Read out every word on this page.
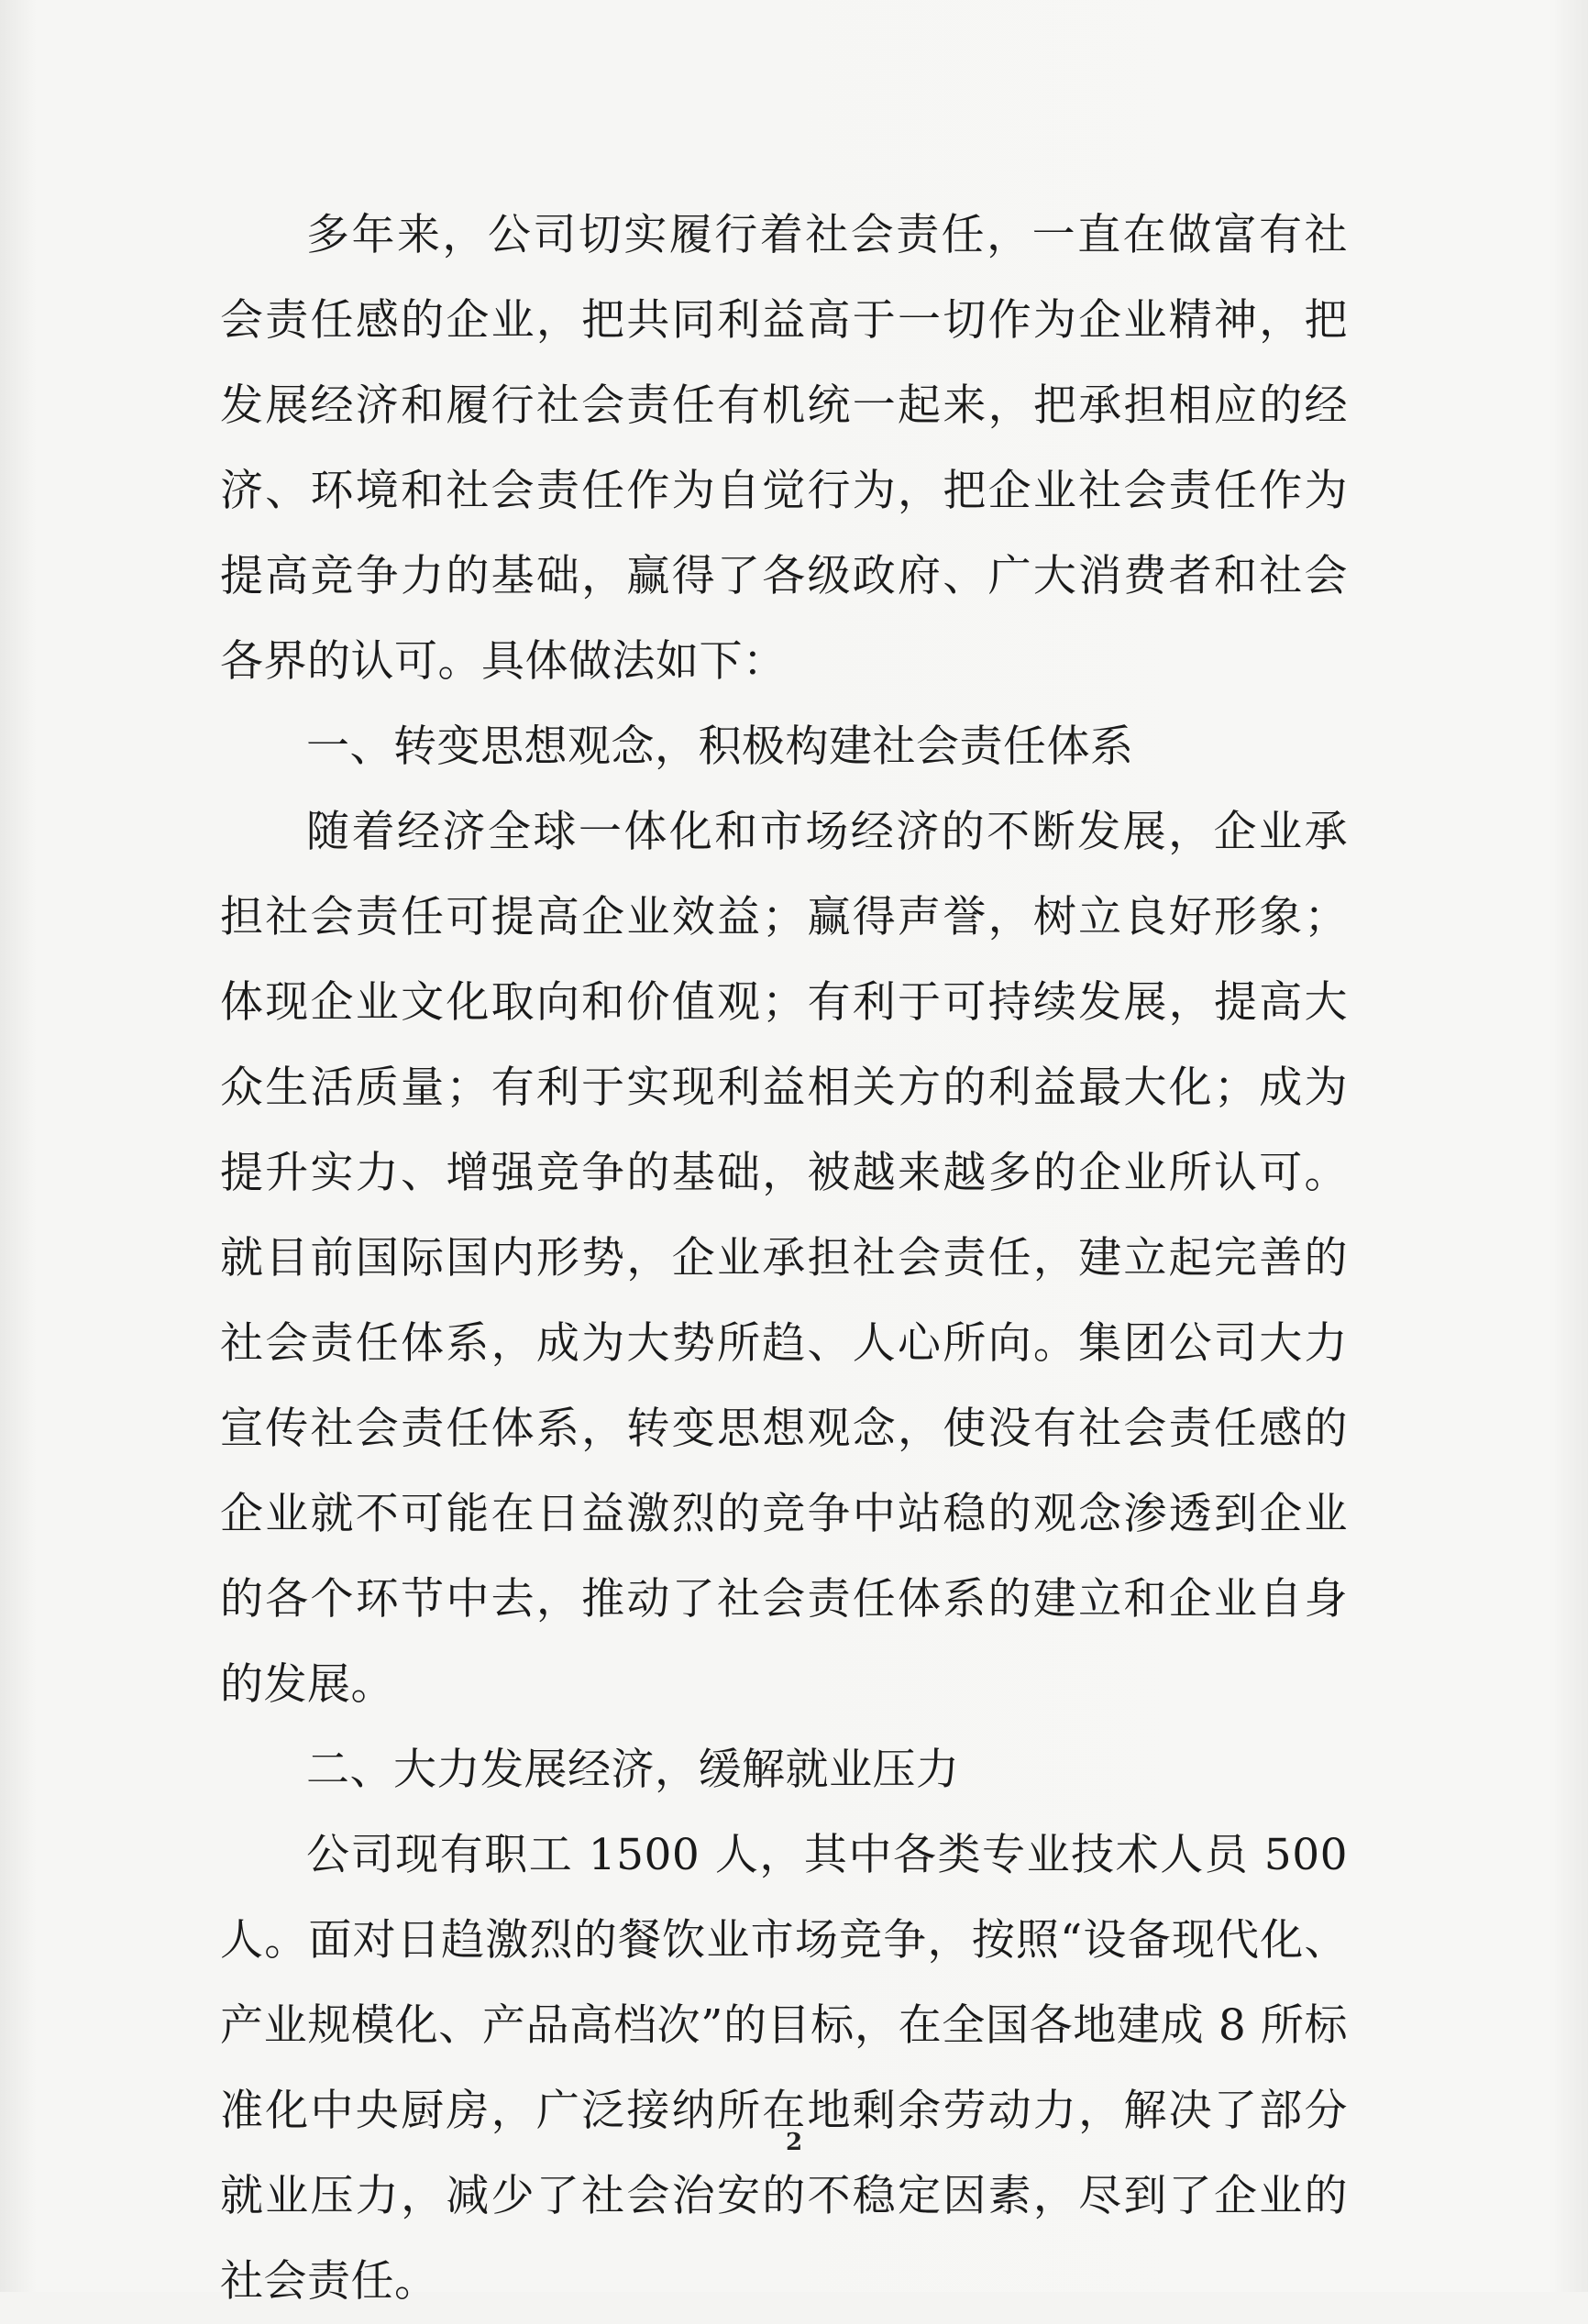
多年来，公司切实履行着社会责任，一直在做富有社会责任感的企业，把共同利益高于一切作为企业精神，把发展经济和履行社会责任有机统一起来，把承担相应的经济、环境和社会责任作为自觉行为，把企业社会责任作为提高竞争力的基础，赢得了各级政府、广大消费者和社会各界的认可。具体做法如下：

一、转变思想观念，积极构建社会责任体系

随着经济全球一体化和市场经济的不断发展，企业承担社会责任可提高企业效益；赢得声誉，树立良好形象；体现企业文化取向和价值观；有利于可持续发展，提高大众生活质量；有利于实现利益相关方的利益最大化；成为提升实力、增强竞争的基础，被越来越多的企业所认可。就目前国际国内形势，企业承担社会责任，建立起完善的社会责任体系，成为大势所趋、人心所向。集团公司大力宣传社会责任体系，转变思想观念，使没有社会责任感的企业就不可能在日益激烈的竞争中站稳的观念渗透到企业的各个环节中去，推动了社会责任体系的建立和企业自身的发展。

二、大力发展经济，缓解就业压力

公司现有职工 1500 人，其中各类专业技术人员 500 人。面对日趋激烈的餐饮业市场竞争，按照“设备现代化、产业规模化、产品高档次”的目标，在全国各地建成 8 所标准化中央厨房，广泛接纳所在地剩余劳动力，解决了部分就业压力，减少了社会治安的不稳定因素，尽到了企业的社会责任。

2
